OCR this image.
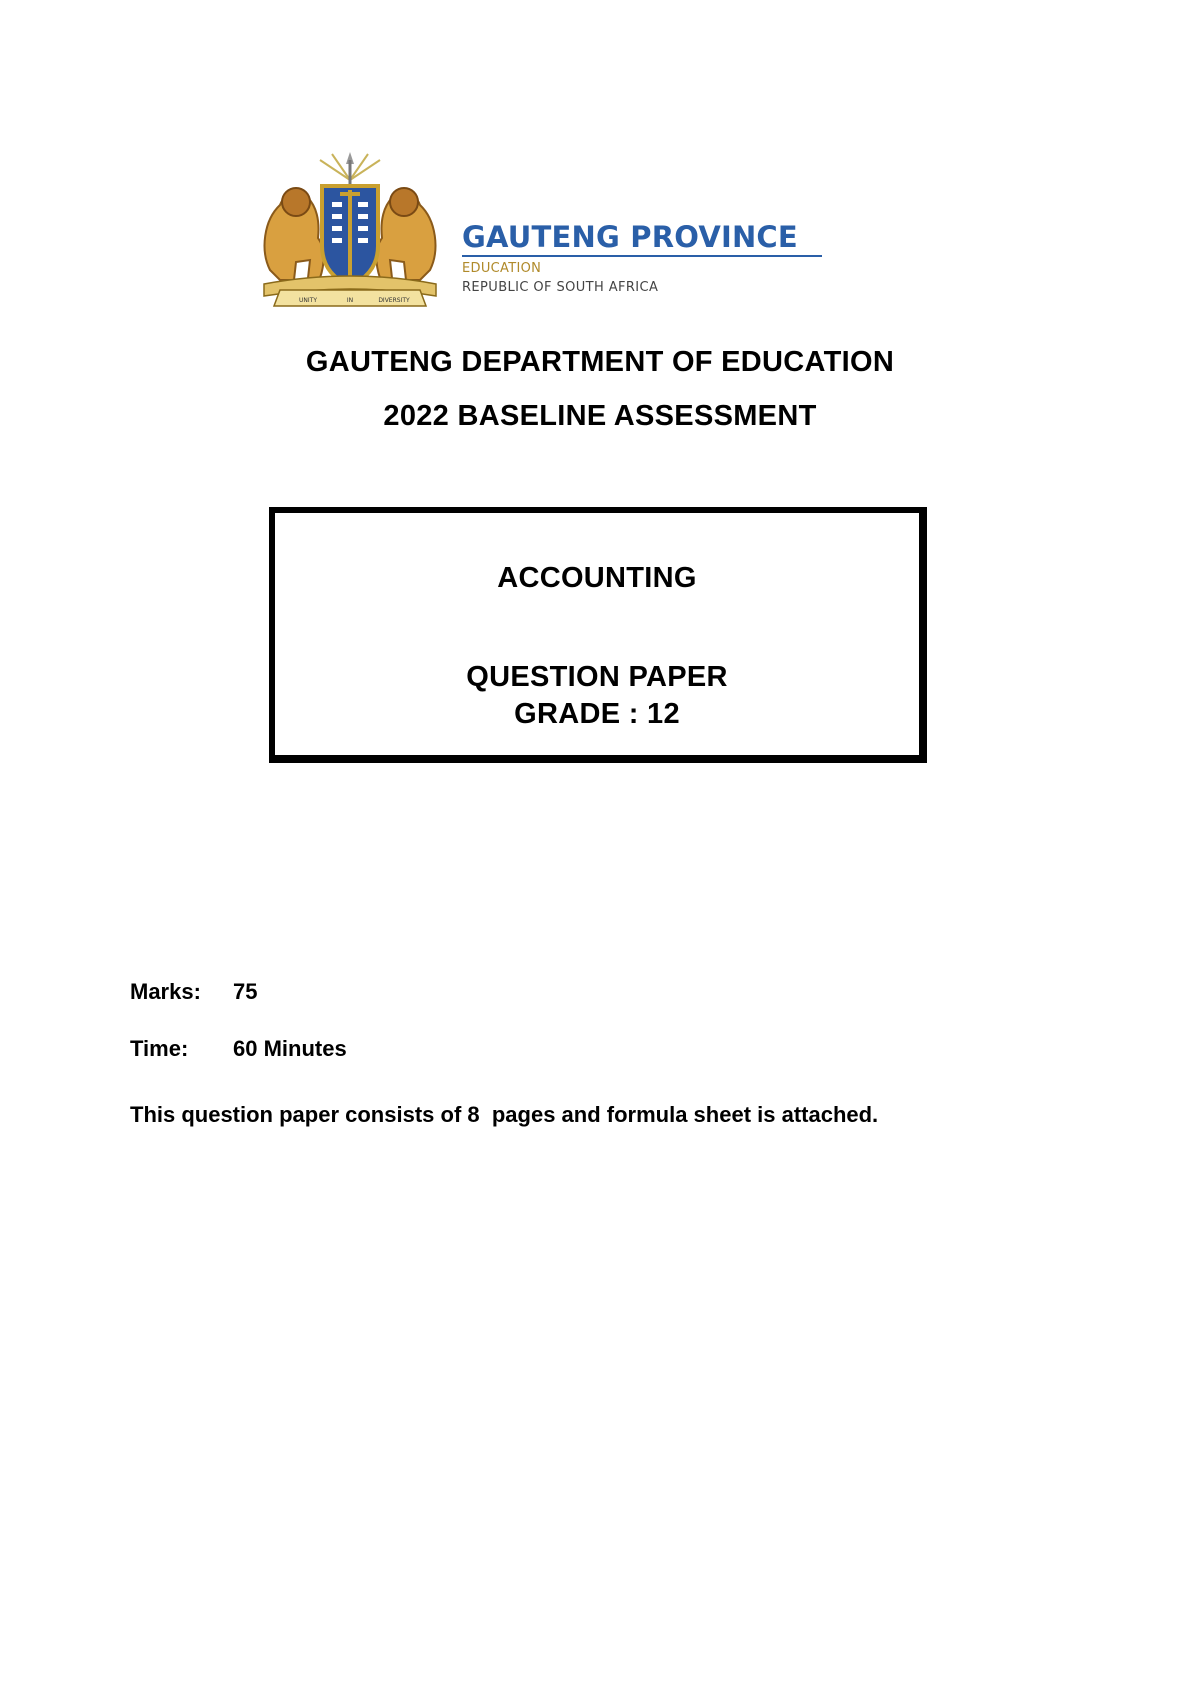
UNITY	IN	DIVERSITY
GAUTENG PROVINCE
EDUCATION
REPUBLIC OF SOUTH AFRICA
GAUTENG DEPARTMENT OF EDUCATION
2022 BASELINE ASSESSMENT
ACCOUNTING
QUESTION PAPER
GRADE : 12
Marks: 75
Time: 60 Minutes
This question paper consists of 8  pages and formula sheet is attached.
